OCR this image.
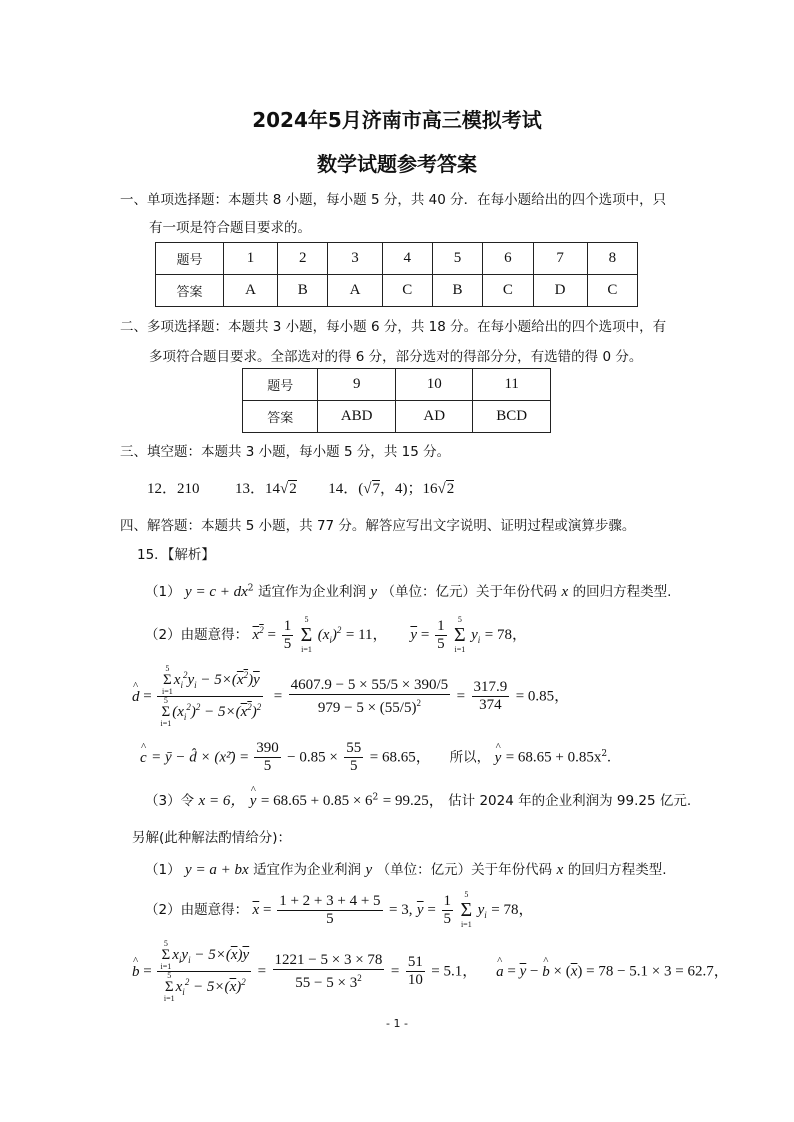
2024年5月济南市高三模拟考试
数学试题参考答案
一、单项选择题：本题共 8 小题，每小题 5 分，共 40 分．在每小题给出的四个选项中，只
有一项是符合题目要求的。
题号	1	2	3	4	5	6	7	8
答案	A	B	A	C	B	C	D	C
二、多项选择题：本题共 3 小题，每小题 6 分，共 18 分。在每小题给出的四个选项中，有
多项符合题目要求。全部选对的得 6 分，部分选对的得部分分，有选错的得 0 分。
题号	9	10	11
答案	ABD	AD	BCD
三、填空题：本题共 3 小题，每小题 5 分，共 15 分。
12．210 13．14√2 14．(√7，4)；16√2
四、解答题：本题共 5 小题，共 77 分。解答应写出文字说明、证明过程或演算步骤。
15．【解析】
（1） $y = c + dx^2$ 适宜作为企业利润 y （单位：亿元）关于年份代码 x 的回归方程类型.
（2）由题意得： $x^2 = \frac{1}{5}$
	5
Σ
i=1
$(x_i)^2 = 11$， $\overline{y} = \frac{1}{5}$
	5
Σ
i=1
$y_i = 78$，
^ d = 5
Σ
i=1
$x_i^2y_i - 5\times(x^2)\overline{y}$
5
Σ
i=1
$(x_i^2)^2 - 5\times(x^2)^2 = \frac{4607.9 - 5 \times 55/5 \times 390/5}{979 - 5 \times (55/5)^2} = \frac{317.9}{374} = 0.85$，
^ c = ȳ − d̂ × (x²̄) = $\frac{390}{5} - 0.85 \times \frac{55}{5} = 68.65$， 所以， ^ $y = 68.65 + 0.85x^2$.
（3）令 x = 6， ^ $y = 68.65 + 0.85 \times 6^2 = 99.25$， 估计 2024 年的企业利润为 99.25 亿元.
另解(此种解法酌情给分)：
（1） y = a + bx 适宜作为企业利润 y （单位：亿元）关于年份代码 x 的回归方程类型.
（2）由题意得： $\overline{x} = \frac{1 + 2 + 3 + 4 + 5}{5} = 3$, $\overline{y} = \frac{1}{5}$
	5
Σ
i=1
$y_i = 78$，
^ b = 5
Σ
i=1
$x_iy_i - 5\times(\overline{x})\overline{y}$
5
Σ
i=1
$x_i^2 - 5\times(\overline{x})^2 = \frac{1221 - 5 \times 3 \times 78}{55 - 5 \times 3^2} = \frac{51}{10} = 5.1$， ^ $a = \overline{y}$ − ^ $b \times (\overline{x}) = 78 - 5.1 \times 3 = 62.7$，
- 1 -
